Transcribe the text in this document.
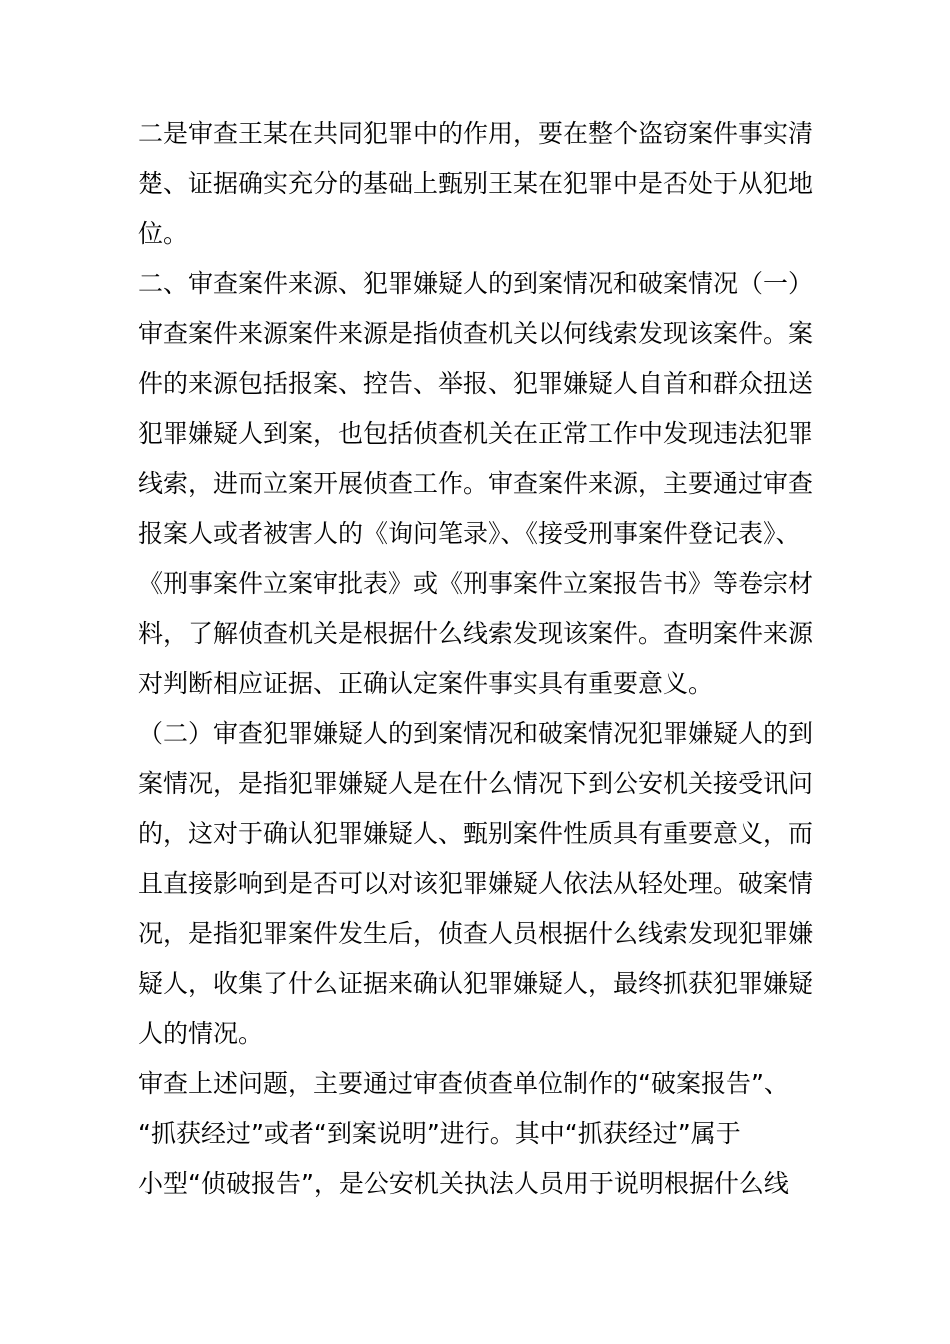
二是审查王某在共同犯罪中的作用，要在整个盗窃案件事实清
楚、证据确实充分的基础上甄别王某在犯罪中是否处于从犯地
位。
二、审查案件来源、犯罪嫌疑人的到案情况和破案情况（一）
审查案件来源案件来源是指侦查机关以何线索发现该案件。案
件的来源包括报案、控告、举报、犯罪嫌疑人自首和群众扭送
犯罪嫌疑人到案，也包括侦查机关在正常工作中发现违法犯罪
线索，进而立案开展侦查工作。审查案件来源，主要通过审查
报案人或者被害人的《询问笔录》、《接受刑事案件登记表》、
《刑事案件立案审批表》或《刑事案件立案报告书》等卷宗材
料，了解侦查机关是根据什么线索发现该案件。查明案件来源
对判断相应证据、正确认定案件事实具有重要意义。
（二）审查犯罪嫌疑人的到案情况和破案情况犯罪嫌疑人的到
案情况，是指犯罪嫌疑人是在什么情况下到公安机关接受讯问
的，这对于确认犯罪嫌疑人、甄别案件性质具有重要意义，而
且直接影响到是否可以对该犯罪嫌疑人依法从轻处理。破案情
况，是指犯罪案件发生后，侦查人员根据什么线索发现犯罪嫌
疑人，收集了什么证据来确认犯罪嫌疑人，最终抓获犯罪嫌疑
人的情况。
审查上述问题，主要通过审查侦查单位制作的“破案报告”、
“抓获经过”或者“到案说明”进行。其中“抓获经过”属于
小型“侦破报告”，是公安机关执法人员用于说明根据什么线
